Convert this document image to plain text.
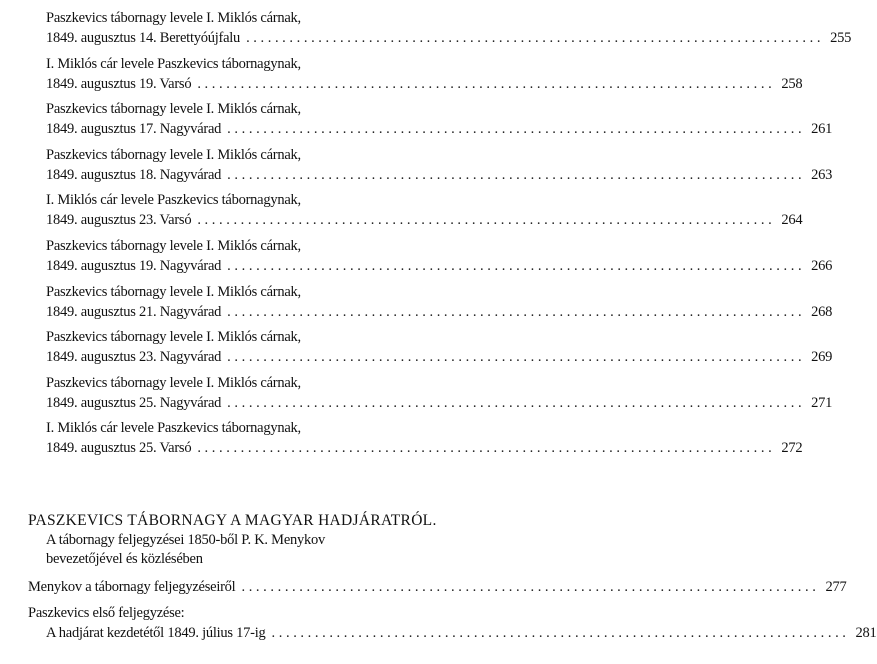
Paszkevics tábornagy levele I. Miklós cárnak,
1849. augusztus 14. Berettyóújfalu ................................................................................ 255
I. Miklós cár levele Paszkevics tábornagynak,
1849. augusztus 19. Varsó ................................................................................ 258
Paszkevics tábornagy levele I. Miklós cárnak,
1849. augusztus 17. Nagyvárad ................................................................................ 261
Paszkevics tábornagy levele I. Miklós cárnak,
1849. augusztus 18. Nagyvárad ................................................................................ 263
I. Miklós cár levele Paszkevics tábornagynak,
1849. augusztus 23. Varsó ................................................................................ 264
Paszkevics tábornagy levele I. Miklós cárnak,
1849. augusztus 19. Nagyvárad ................................................................................ 266
Paszkevics tábornagy levele I. Miklós cárnak,
1849. augusztus 21. Nagyvárad ................................................................................ 268
Paszkevics tábornagy levele I. Miklós cárnak,
1849. augusztus 23. Nagyvárad ................................................................................ 269
Paszkevics tábornagy levele I. Miklós cárnak,
1849. augusztus 25. Nagyvárad ................................................................................ 271
I. Miklós cár levele Paszkevics tábornagynak,
1849. augusztus 25. Varsó ................................................................................ 272
PASZKEVICS TÁBORNAGY A MAGYAR HADJÁRATRÓL.
A tábornagy feljegyzései 1850-ből P. K. Menykov
bevezetőjével és közlésében
Menykov a tábornagy feljegyzéseiről ................................................................................ 277
Paszkevics első feljegyzése:
A hadjárat kezdetétől 1849. július 17-ig ................................................................................ 281
